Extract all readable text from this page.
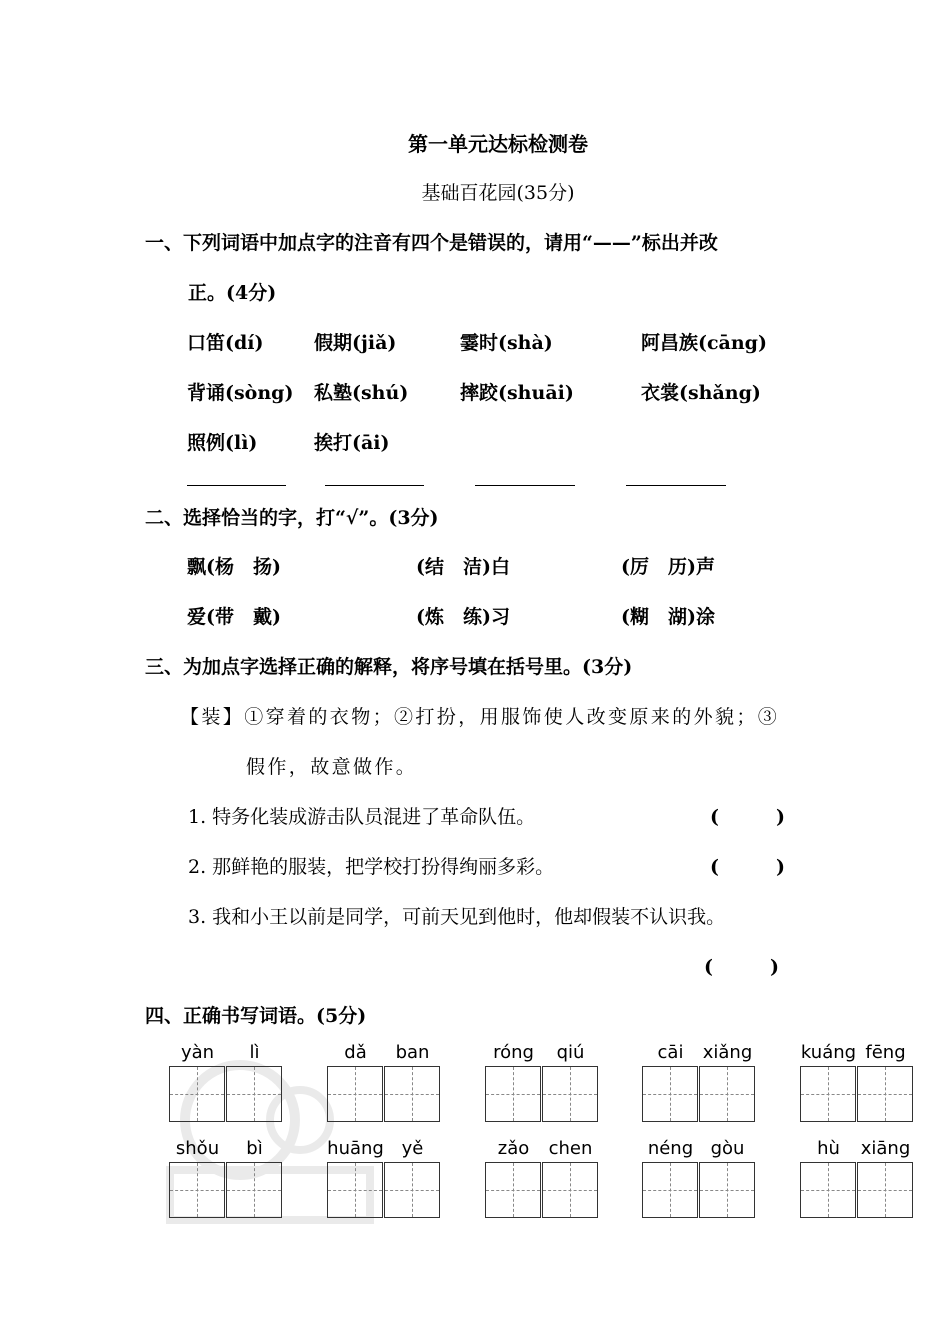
第一单元达标检测卷
基础百花园(35分)
一、下列词语中加点字的注音有四个是错误的，请用“——”标出并改
正。(4分)
口笛(dí)	假期(jiǎ)	霎时(shà)	阿昌族(cāng)
背诵(sòng) 私塾(shú)	摔跤(shuāi)	衣裳(shǎng)
照例(lì)	挨打(āi)
二、选择恰当的字，打“√”。(3分)
飘(杨　扬)	(结　洁)白	(厉　历)声
爱(带　戴)	(炼　练)习	(糊　湖)涂
三、为加点字选择正确的解释，将序号填在括号里。(3分)
【装】①穿着的衣物；②打扮，用服饰使人改变原来的外貌；③
假作，故意做作。
1. 特务化装成游击队员混进了革命队伍。	(　　　)
2. 那鲜艳的服装，把学校打扮得绚丽多彩。	(　　　)
3. 我和小王以前是同学，可前天见到他时，他却假装不认识我。
(　　　)
四、正确书写词语。(5分)
yàn	lì	dǎ	ban	róng	qiú	cāi	xiǎng	kuáng fēng
shǒu	bì	huāng yě	zǎo	chen	néng gòu	hù	xiāng
